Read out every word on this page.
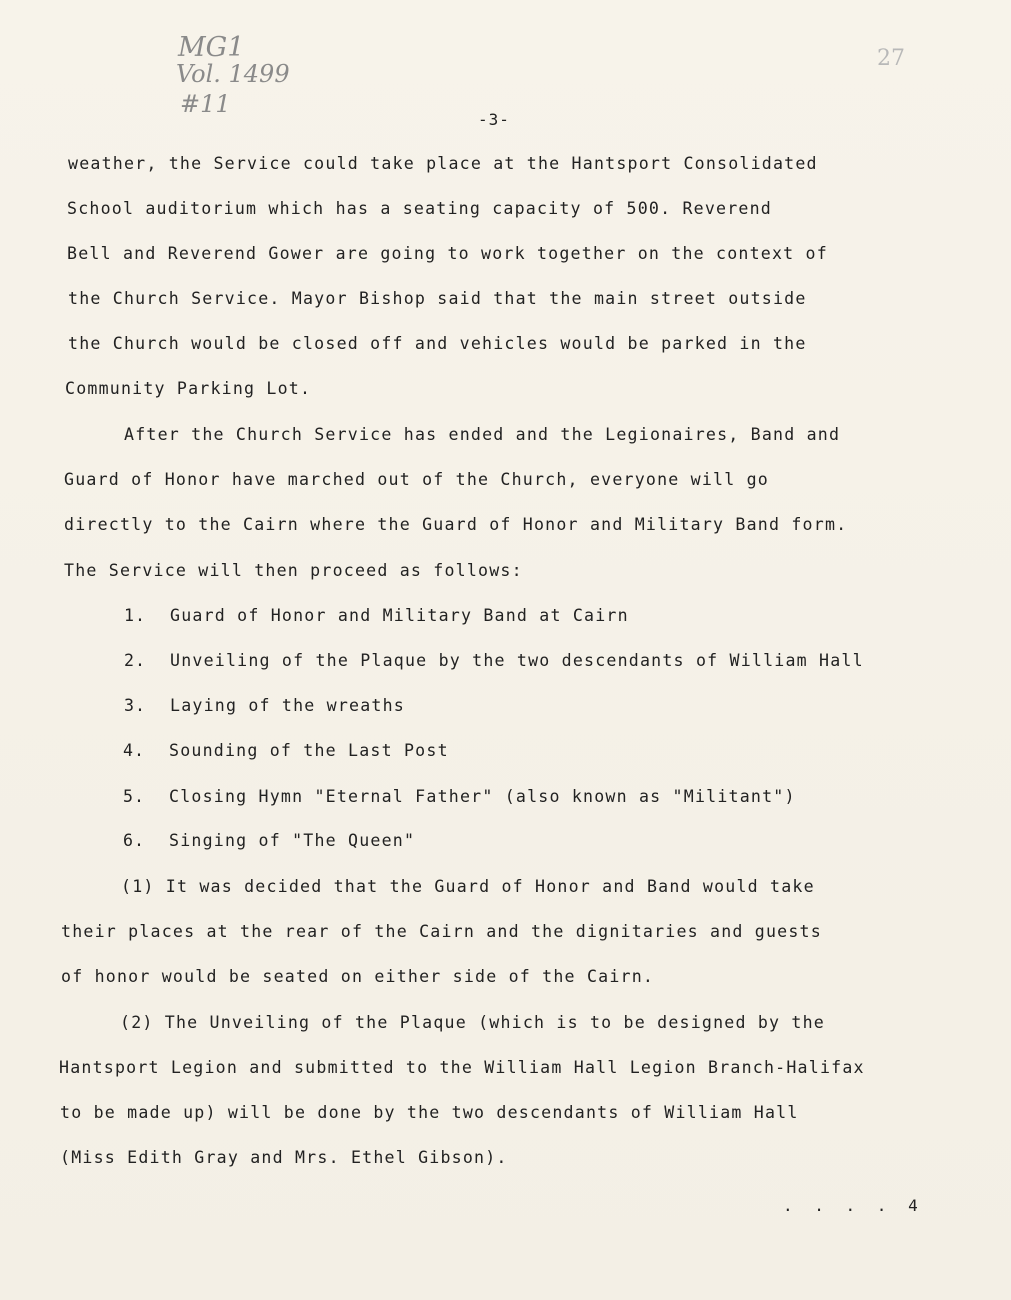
MG1
Vol. 1499
#11
27
-3-
weather, the Service could take place at the Hantsport Consolidated
School auditorium which has a seating capacity of 500. Reverend
Bell and Reverend Gower are going to work together on the context of
the Church Service. Mayor Bishop said that the main street outside
the Church would be closed off and vehicles would be parked in the
Community Parking Lot.
After the Church Service has ended and the Legionaires, Band and
Guard of Honor have marched out of the Church, everyone will go
directly to the Cairn where the Guard of Honor and Military Band form.
The Service will then proceed as follows:
1. Guard of Honor and Military Band at Cairn
2. Unveiling of the Plaque by the two descendants of William Hall
3. Laying of the wreaths
4. Sounding of the Last Post
5. Closing Hymn "Eternal Father" (also known as "Militant")
6. Singing of "The Queen"
(1) It was decided that the Guard of Honor and Band would take
their places at the rear of the Cairn and the dignitaries and guests
of honor would be seated on either side of the Cairn.
(2) The Unveiling of the Plaque (which is to be designed by the
Hantsport Legion and submitted to the William Hall Legion Branch-Halifax
to be made up) will be done by the two descendants of William Hall
(Miss Edith Gray and Mrs. Ethel Gibson).
. . . . 4
